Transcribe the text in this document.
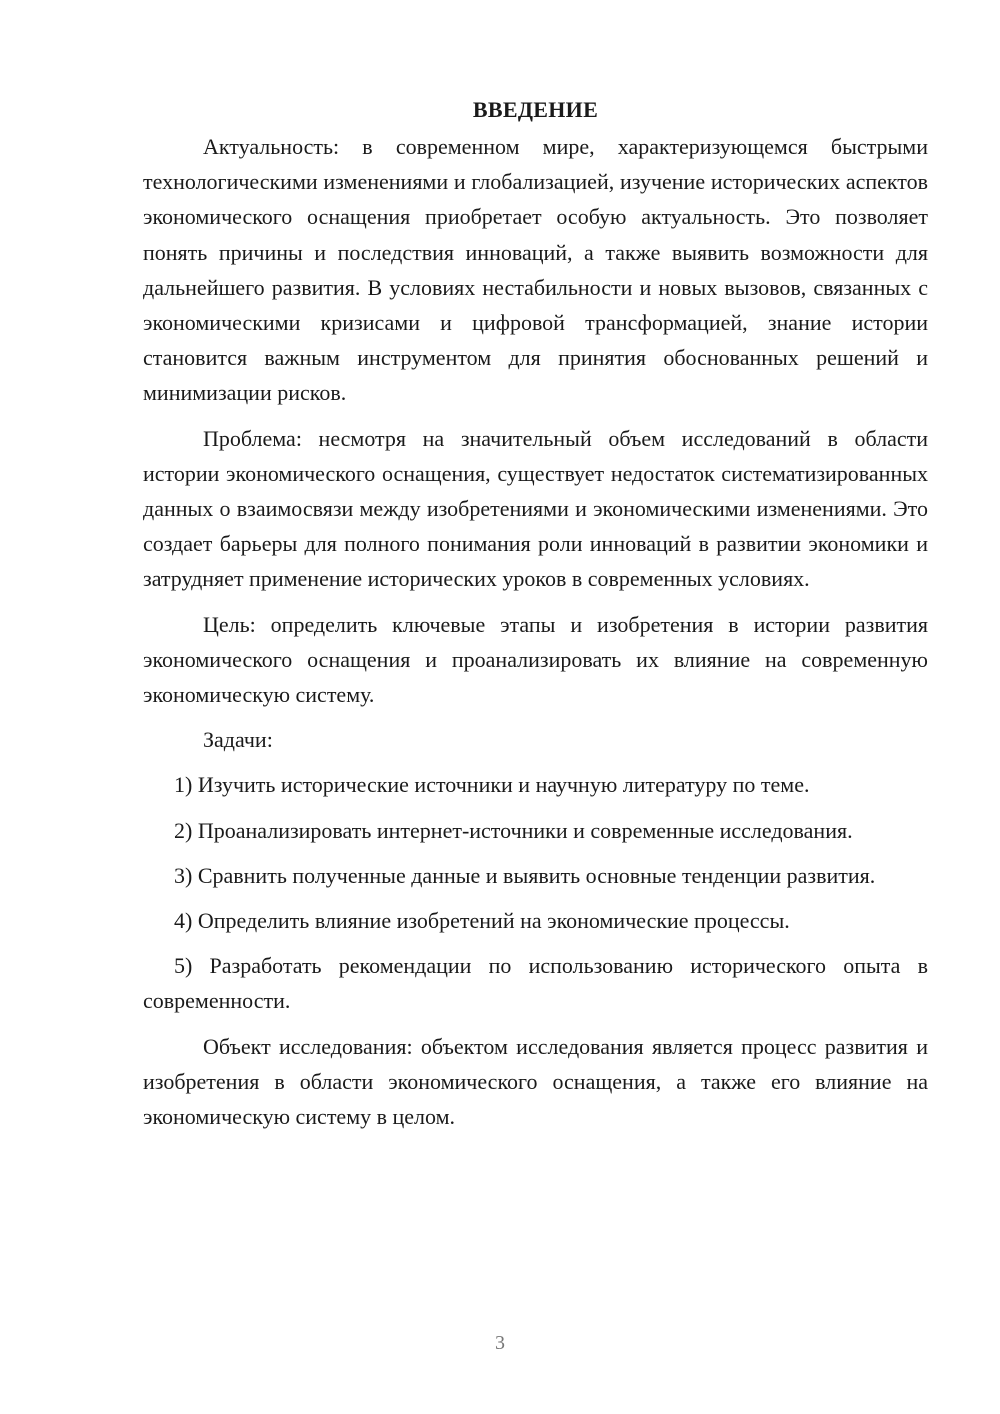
ВВЕДЕНИЕ

Актуальность: в современном мире, характеризующемся быстрыми технологическими изменениями и глобализацией, изучение исторических аспектов экономического оснащения приобретает особую актуальность. Это позволяет понять причины и последствия инноваций, а также выявить возможности для дальнейшего развития. В условиях нестабильности и новых вызовов, связанных с экономическими кризисами и цифровой трансформацией, знание истории становится важным инструментом для принятия обоснованных решений и минимизации рисков.

Проблема: несмотря на значительный объем исследований в области истории экономического оснащения, существует недостаток систематизированных данных о взаимосвязи между изобретениями и экономическими изменениями. Это создает барьеры для полного понимания роли инноваций в развитии экономики и затрудняет применение исторических уроков в современных условиях.

Цель: определить ключевые этапы и изобретения в истории развития экономического оснащения и проанализировать их влияние на современную экономическую систему.

Задачи:

1) Изучить исторические источники и научную литературу по теме.

2) Проанализировать интернет-источники и современные исследования.

3) Сравнить полученные данные и выявить основные тенденции развития.

4) Определить влияние изобретений на экономические процессы.

5) Разработать рекомендации по использованию исторического опыта в современности.

Объект исследования: объектом исследования является процесс развития и изобретения в области экономического оснащения, а также его влияние на экономическую систему в целом.

3
